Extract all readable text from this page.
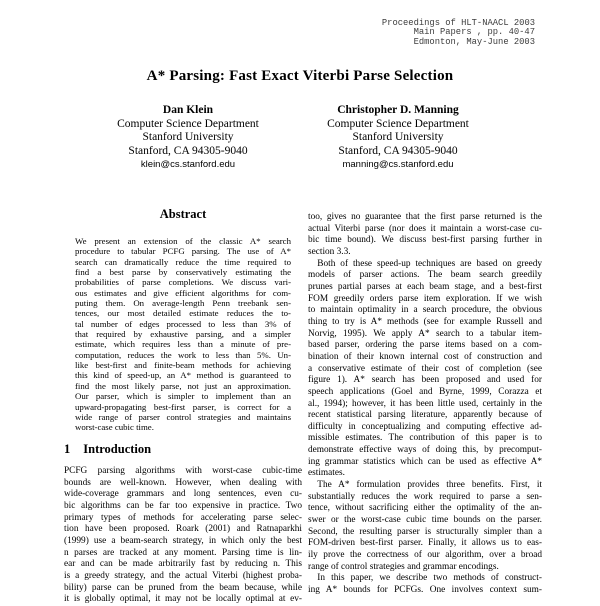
Proceedings of HLT-NAACL 2003
Main Papers , pp. 40-47
Edmonton, May-June 2003
A* Parsing: Fast Exact Viterbi Parse Selection
Dan Klein
Computer Science Department
Stanford University
Stanford, CA 94305-9040
klein@cs.stanford.edu
Christopher D. Manning
Computer Science Department
Stanford University
Stanford, CA 94305-9040
manning@cs.stanford.edu
Abstract
We present an extension of the classic A* search
procedure to tabular PCFG parsing. The use of A*
search can dramatically reduce the time required to
find a best parse by conservatively estimating the
probabilities of parse completions. We discuss vari-
ous estimates and give efficient algorithms for com-
puting them. On average-length Penn treebank sen-
tences, our most detailed estimate reduces the to-
tal number of edges processed to less than 3% of
that required by exhaustive parsing, and a simpler
estimate, which requires less than a minute of pre-
computation, reduces the work to less than 5%. Un-
like best-first and finite-beam methods for achieving
this kind of speed-up, an A* method is guaranteed to
find the most likely parse, not just an approximation.
Our parser, which is simpler to implement than an
upward-propagating best-first parser, is correct for a
wide range of parser control strategies and maintains
worst-case cubic time.
1 Introduction
PCFG parsing algorithms with worst-case cubic-time
bounds are well-known. However, when dealing with
wide-coverage grammars and long sentences, even cu-
bic algorithms can be far too expensive in practice. Two
primary types of methods for accelerating parse selec-
tion have been proposed. Roark (2001) and Ratnaparkhi
(1999) use a beam-search strategy, in which only the best
n parses are tracked at any moment. Parsing time is lin-
ear and can be made arbitrarily fast by reducing n. This
is a greedy strategy, and the actual Viterbi (highest proba-
bility) parse can be pruned from the beam because, while
it is globally optimal, it may not be locally optimal at ev-
too, gives no guarantee that the first parse returned is the
actual Viterbi parse (nor does it maintain a worst-case cu-
bic time bound). We discuss best-first parsing further in
section 3.3.
 Both of these speed-up techniques are based on greedy
models of parser actions. The beam search greedily
prunes partial parses at each beam stage, and a best-first
FOM greedily orders parse item exploration. If we wish
to maintain optimality in a search procedure, the obvious
thing to try is A* methods (see for example Russell and
Norvig, 1995). We apply A* search to a tabular item-
based parser, ordering the parse items based on a com-
bination of their known internal cost of construction and
a conservative estimate of their cost of completion (see
figure 1). A* search has been proposed and used for
speech applications (Goel and Byrne, 1999, Corazza et
al., 1994); however, it has been little used, certainly in the
recent statistical parsing literature, apparently because of
difficulty in conceptualizing and computing effective ad-
missible estimates. The contribution of this paper is to
demonstrate effective ways of doing this, by precomput-
ing grammar statistics which can be used as effective A*
estimates.
 The A* formulation provides three benefits. First, it
substantially reduces the work required to parse a sen-
tence, without sacrificing either the optimality of the an-
swer or the worst-case cubic time bounds on the parser.
Second, the resulting parser is structurally simpler than a
FOM-driven best-first parser. Finally, it allows us to eas-
ily prove the correctness of our algorithm, over a broad
range of control strategies and grammar encodings.
 In this paper, we describe two methods of construct-
ing A* bounds for PCFGs. One involves context sum-
